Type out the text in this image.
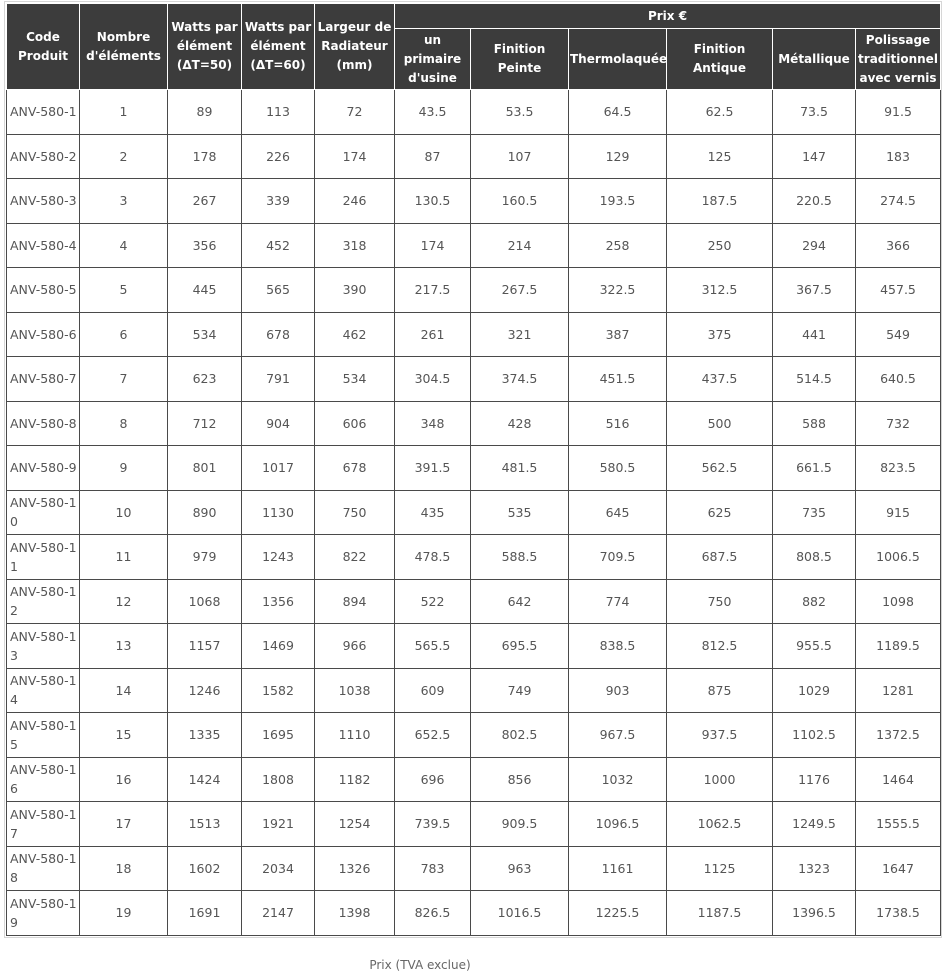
Code Produit	Nombre d'éléments	Watts par élément (ΔT=50)	Watts par élément (ΔT=60)	Largeur de Radiateur (mm)	Prix €					
					un primaire d'usine	Finition Peinte	Thermolaquée	Finition Antique	Métallique	Polissage traditionnel avec vernis
ANV-580-1	1	89	113	72	43.5	53.5	64.5	62.5	73.5	91.5
ANV-580-2	2	178	226	174	87	107	129	125	147	183
ANV-580-3	3	267	339	246	130.5	160.5	193.5	187.5	220.5	274.5
ANV-580-4	4	356	452	318	174	214	258	250	294	366
ANV-580-5	5	445	565	390	217.5	267.5	322.5	312.5	367.5	457.5
ANV-580-6	6	534	678	462	261	321	387	375	441	549
ANV-580-7	7	623	791	534	304.5	374.5	451.5	437.5	514.5	640.5
ANV-580-8	8	712	904	606	348	428	516	500	588	732
ANV-580-9	9	801	1017	678	391.5	481.5	580.5	562.5	661.5	823.5
ANV-580-10	10	890	1130	750	435	535	645	625	735	915
ANV-580-11	11	979	1243	822	478.5	588.5	709.5	687.5	808.5	1006.5
ANV-580-12	12	1068	1356	894	522	642	774	750	882	1098
ANV-580-13	13	1157	1469	966	565.5	695.5	838.5	812.5	955.5	1189.5
ANV-580-14	14	1246	1582	1038	609	749	903	875	1029	1281
ANV-580-15	15	1335	1695	1110	652.5	802.5	967.5	937.5	1102.5	1372.5
ANV-580-16	16	1424	1808	1182	696	856	1032	1000	1176	1464
ANV-580-17	17	1513	1921	1254	739.5	909.5	1096.5	1062.5	1249.5	1555.5
ANV-580-18	18	1602	2034	1326	783	963	1161	1125	1323	1647
ANV-580-19	19	1691	2147	1398	826.5	1016.5	1225.5	1187.5	1396.5	1738.5
Prix (TVA exclue)
